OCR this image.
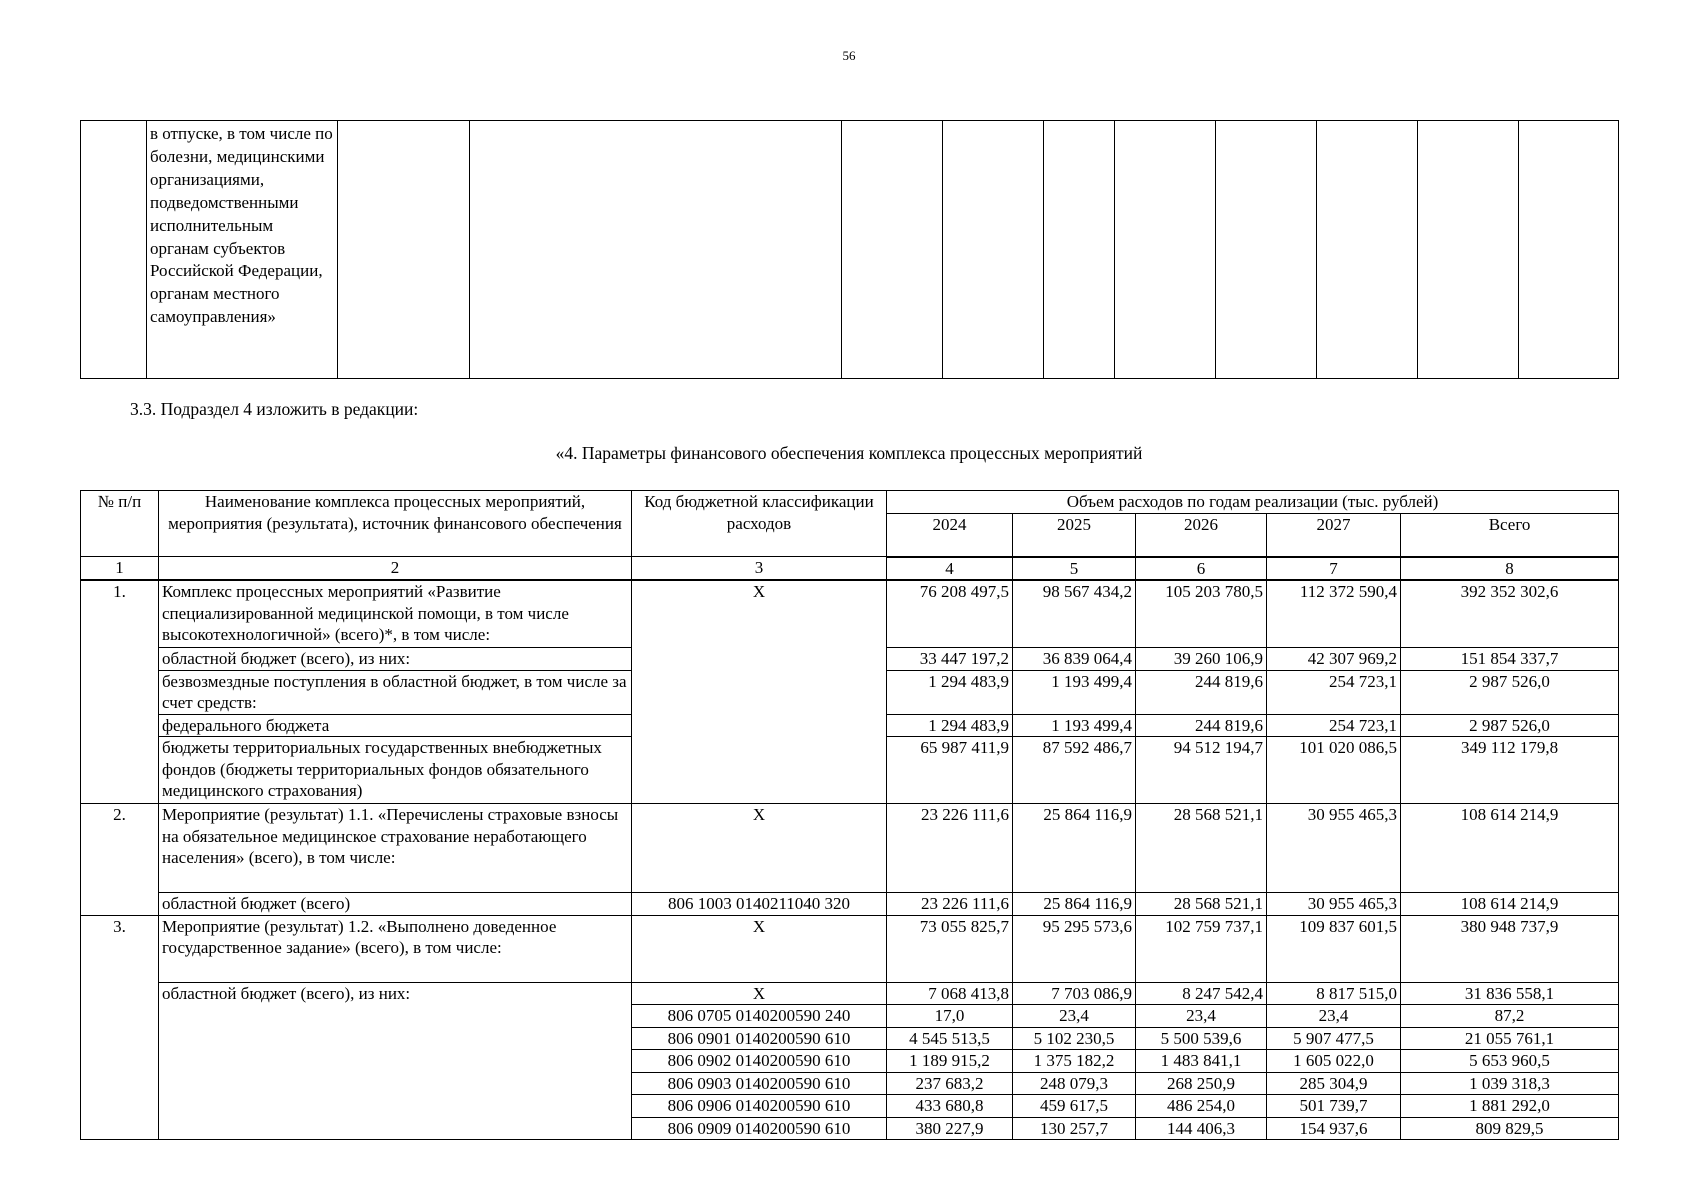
56
	в отпуске, в том числе по болезни, медицинскими организациями, подведомственными исполнительным органам субъектов Российской Федерации, органам местного самоуправления»										
3.3. Подраздел 4 изложить в редакции:
«4. Параметры финансового обеспечения комплекса процессных мероприятий
№ п/п	Наименование комплекса процессных мероприятий, мероприятия (результата), источник финансового обеспечения	Код бюджетной классификации расходов	Объем расходов по годам реализации (тыс. рублей)				
			2024	2025	2026	2027	Всего
1	2	3	4	5	6	7	8
1.	Комплекс процессных мероприятий «Развитие специализированной медицинской помощи, в том числе высокотехнологичной» (всего)*, в том числе:	Х	76 208 497,5	98 567 434,2	105 203 780,5	112 372 590,4	392 352 302,6
	областной бюджет (всего), из них:		33 447 197,2	36 839 064,4	39 260 106,9	42 307 969,2	151 854 337,7
	безвозмездные поступления в областной бюджет, в том числе за счет средств:		1 294 483,9	1 193 499,4	244 819,6	254 723,1	2 987 526,0
	федерального бюджета		1 294 483,9	1 193 499,4	244 819,6	254 723,1	2 987 526,0
	бюджеты территориальных государственных внебюджетных фондов (бюджеты территориальных фондов обязательного медицинского страхования)		65 987 411,9	87 592 486,7	94 512 194,7	101 020 086,5	349 112 179,8
2.	Мероприятие (результат) 1.1. «Перечислены страховые взносы на обязательное медицинское страхование неработающего населения» (всего), в том числе:	Х	23 226 111,6	25 864 116,9	28 568 521,1	30 955 465,3	108 614 214,9
	областной бюджет (всего)	806 1003 0140211040 320	23 226 111,6	25 864 116,9	28 568 521,1	30 955 465,3	108 614 214,9
3.	Мероприятие (результат) 1.2. «Выполнено доведенное государственное задание» (всего), в том числе:	Х	73 055 825,7	95 295 573,6	102 759 737,1	109 837 601,5	380 948 737,9
	областной бюджет (всего), из них:	Х	7 068 413,8	7 703 086,9	8 247 542,4	8 817 515,0	31 836 558,1
		806 0705 0140200590 240	17,0	23,4	23,4	23,4	87,2
		806 0901 0140200590 610	4 545 513,5	5 102 230,5	5 500 539,6	5 907 477,5	21 055 761,1
		806 0902 0140200590 610	1 189 915,2	1 375 182,2	1 483 841,1	1 605 022,0	5 653 960,5
		806 0903 0140200590 610	237 683,2	248 079,3	268 250,9	285 304,9	1 039 318,3
		806 0906 0140200590 610	433 680,8	459 617,5	486 254,0	501 739,7	1 881 292,0
		806 0909 0140200590 610	380 227,9	130 257,7	144 406,3	154 937,6	809 829,5
